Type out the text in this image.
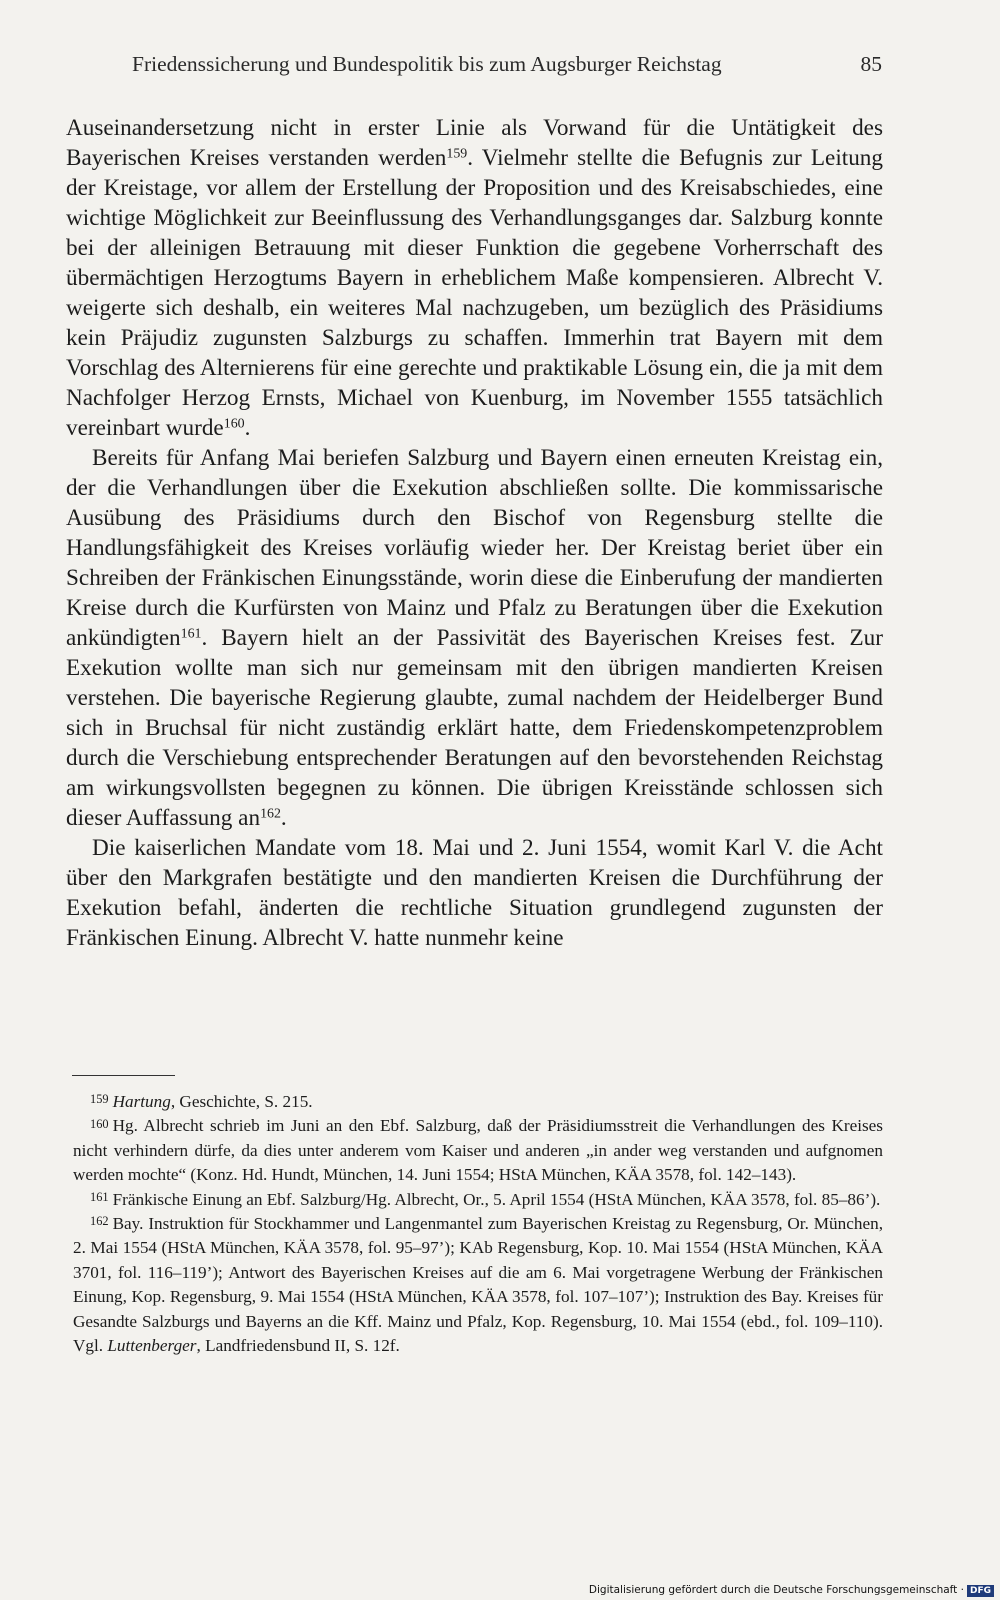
Friedenssicherung und Bundespolitik bis zum Augsburger Reichstag	85

Auseinandersetzung nicht in erster Linie als Vorwand für die Untätigkeit des Bayerischen Kreises verstanden werden$^{159}$. Vielmehr stellte die Befugnis zur Leitung der Kreistage, vor allem der Erstellung der Proposition und des Kreisabschiedes, eine wichtige Möglichkeit zur Beeinflussung des Verhandlungsganges dar. Salzburg konnte bei der alleinigen Betrauung mit dieser Funktion die gegebene Vorherrschaft des übermächtigen Herzogtums Bayern in erheblichem Maße kompensieren. Albrecht V. weigerte sich deshalb, ein weiteres Mal nachzugeben, um bezüglich des Präsidiums kein Präjudiz zugunsten Salzburgs zu schaffen. Immerhin trat Bayern mit dem Vorschlag des Alternierens für eine gerechte und praktikable Lösung ein, die ja mit dem Nachfolger Herzog Ernsts, Michael von Kuenburg, im November 1555 tatsächlich vereinbart wurde$^{160}$.

Bereits für Anfang Mai beriefen Salzburg und Bayern einen erneuten Kreistag ein, der die Verhandlungen über die Exekution abschließen sollte. Die kommissarische Ausübung des Präsidiums durch den Bischof von Regensburg stellte die Handlungsfähigkeit des Kreises vorläufig wieder her. Der Kreistag beriet über ein Schreiben der Fränkischen Einungsstände, worin diese die Einberufung der mandierten Kreise durch die Kurfürsten von Mainz und Pfalz zu Beratungen über die Exekution ankündigten$^{161}$. Bayern hielt an der Passivität des Bayerischen Kreises fest. Zur Exekution wollte man sich nur gemeinsam mit den übrigen mandierten Kreisen verstehen. Die bayerische Regierung glaubte, zumal nachdem der Heidelberger Bund sich in Bruchsal für nicht zuständig erklärt hatte, dem Friedenskompetenzproblem durch die Verschiebung entsprechender Beratungen auf den bevorstehenden Reichstag am wirkungsvollsten begegnen zu können. Die übrigen Kreisstände schlossen sich dieser Auffassung an$^{162}$.

Die kaiserlichen Mandate vom 18. Mai und 2. Juni 1554, womit Karl V. die Acht über den Markgrafen bestätigte und den mandierten Kreisen die Durchführung der Exekution befahl, änderten die rechtliche Situation grundlegend zugunsten der Fränkischen Einung. Albrecht V. hatte nunmehr keine

$^{159}$ Hartung, Geschichte, S. 215.

$^{160}$ Hg. Albrecht schrieb im Juni an den Ebf. Salzburg, daß der Präsidiumsstreit die Verhandlungen des Kreises nicht verhindern dürfe, da dies unter anderem vom Kaiser und anderen „in ander weg verstanden und aufgnomen werden mochte“ (Konz. Hd. Hundt, München, 14. Juni 1554; HStA München, KÄA 3578, fol. 142–143).

$^{161}$ Fränkische Einung an Ebf. Salzburg/Hg. Albrecht, Or., 5. April 1554 (HStA München, KÄA 3578, fol. 85–86’).

$^{162}$ Bay. Instruktion für Stockhammer und Langenmantel zum Bayerischen Kreistag zu Regensburg, Or. München, 2. Mai 1554 (HStA München, KÄA 3578, fol. 95–97’); KAb Regensburg, Kop. 10. Mai 1554 (HStA München, KÄA 3701, fol. 116–119’); Antwort des Bayerischen Kreises auf die am 6. Mai vorgetragene Werbung der Fränkischen Einung, Kop. Regensburg, 9. Mai 1554 (HStA München, KÄA 3578, fol. 107–107’); Instruktion des Bay. Kreises für Gesandte Salzburgs und Bayerns an die Kff. Mainz und Pfalz, Kop. Regensburg, 10. Mai 1554 (ebd., fol. 109–110). Vgl. Luttenberger, Landfriedensbund II, S. 12f.

Digitalisierung gefördert durch die Deutsche Forschungsgemeinschaft · DFG
